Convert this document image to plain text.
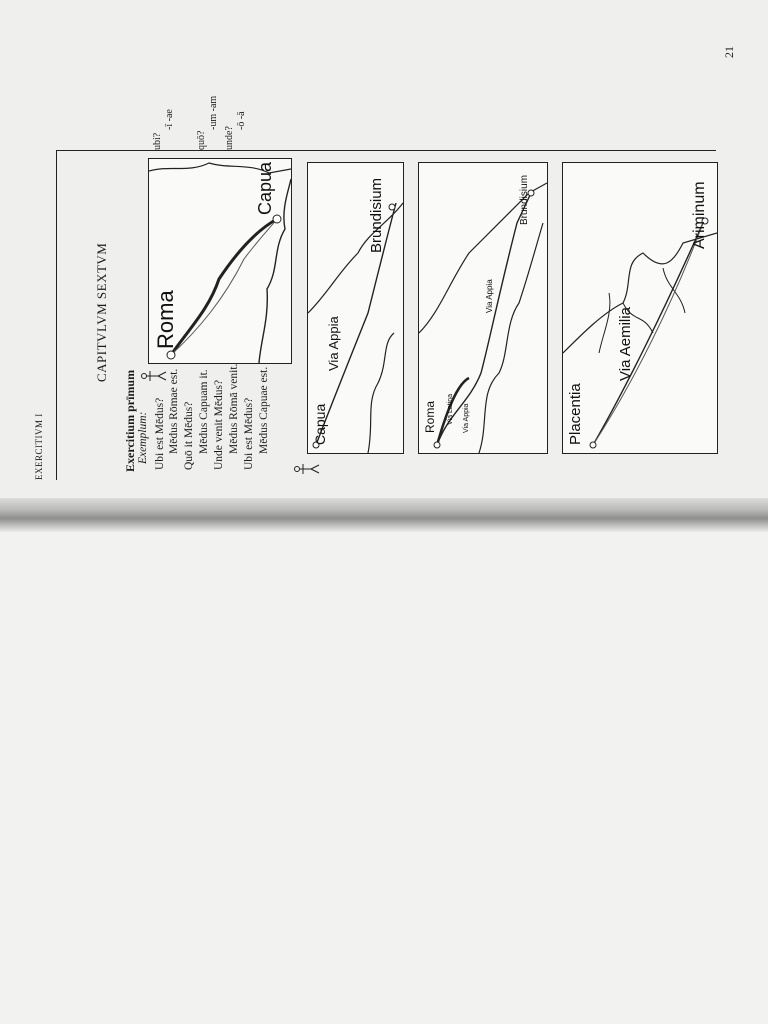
EXERCITIVM I
21
CAPITVLVM SEXTVM
Exercitium prīmum Exemplum: Ubi est Mēdus? Mēdus Rōmae est. Quō it Mēdus? Mēdus Capuam it. Unde venit Mēdus? Mēdus Rōmā venit. Ubi est Mēdus? Mēdus Capuae est.
ubi?
-ī -ae
quō?
-um -am
unde?
-ō -ā
Roma
Capua
Capua
Via Appia
Brundisium
Roma Via Latina Via Appia
Via Appia
Brundisium
Placentia
Via Aemilia
Ariminum
